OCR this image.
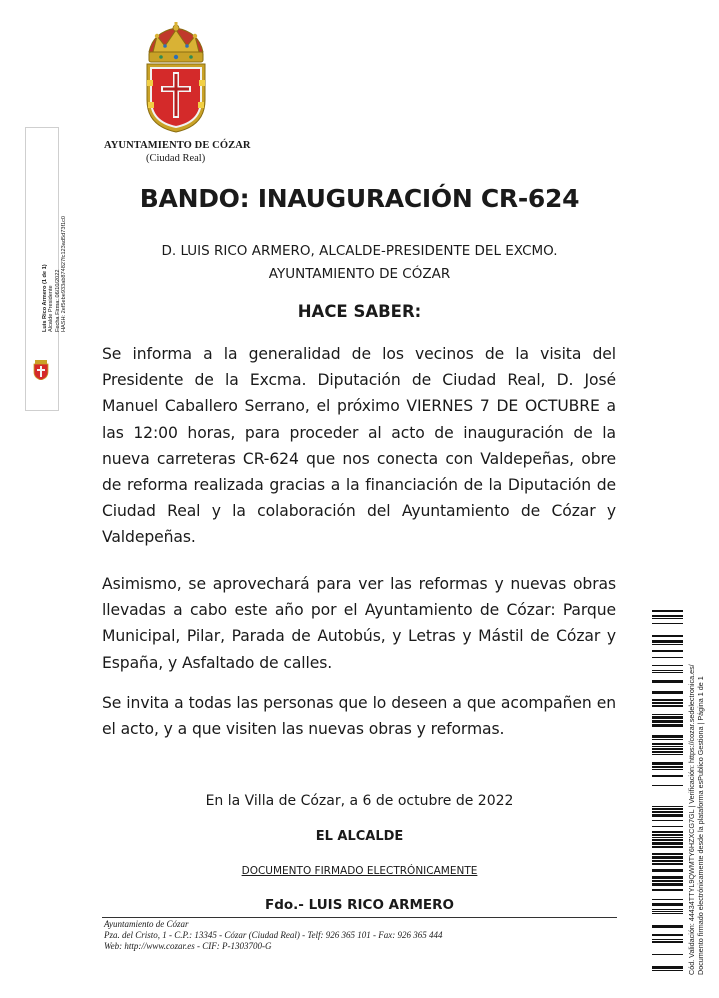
AYUNTAMIENTO DE CÓZAR
(Ciudad Real)
BANDO: INAUGURACIÓN CR-624
D. LUIS RICO ARMERO, ALCALDE-PRESIDENTE DEL EXCMO.
AYUNTAMIENTO DE CÓZAR
HACE SABER:
Se informa a la generalidad de los vecinos de la visita del Presidente de la Excma. Diputación de Ciudad Real, D. José Manuel Caballero Serrano, el próximo VIERNES 7 DE OCTUBRE a las 12:00 horas, para proceder al acto de inauguración de la nueva carreteras CR-624 que nos conecta con Valdepeñas, obre de reforma realizada gracias a la financiación de la Diputación de Ciudad Real y la colaboración del Ayuntamiento de Cózar y Valdepeñas.
Asimismo, se aprovechará para ver las reformas y nuevas obras llevadas a cabo este año por el Ayuntamiento de Cózar: Parque Municipal, Pilar, Parada de Autobús, y Letras y Mástil de Cózar y España, y Asfaltado de calles.
Se invita a todas las personas que lo deseen a que acompañen en el acto, y a que visiten las nuevas obras y reformas.
En la Villa de Cózar, a 6 de octubre de 2022
EL ALCALDE
DOCUMENTO FIRMADO ELECTRÓNICAMENTE
Fdo.- LUIS RICO ARMERO
Ayuntamiento de Cózar
Pza. del Cristo, 1 - C.P.: 13345 - Cózar (Ciudad Real) - Telf: 926 365 101 - Fax: 926 365 444
Web: http://www.cozar.es - CIF: P-1303700-G
Luis Rico Armero (1 de 1) Alcalde Presidente Fecha Firma: 06/10/2022 HASH: 2ef5ebe933ab874827fc123ad5d73f1c0
Cód. Validación: 44434TTYL9QWMTY6HZXCG7GL | Verificación: https://cozar.sedelectronica.es/ Documento firmado electrónicamente desde la plataforma esPublico Gestiona | Página 1 de 1
